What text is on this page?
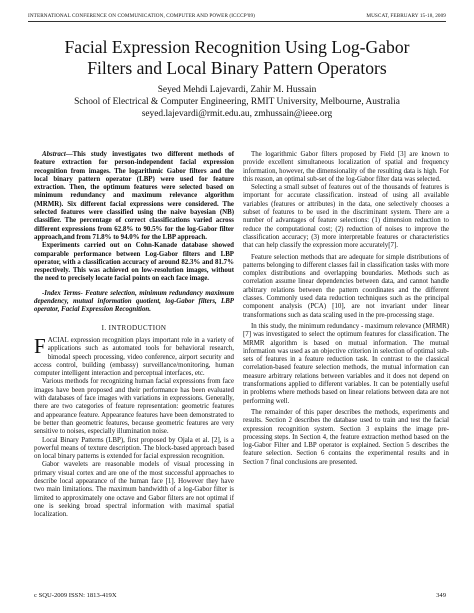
INTERNATIONAL CONFERENCE ON COMMUNICATION, COMPUTER AND POWER (ICCCP'09)	MUSCAT, FEBRUARY 15-18, 2009
Facial Expression Recognition Using Log-Gabor
Filters and Local Binary Pattern Operators
Seyed Mehdi Lajevardi, Zahir M. Hussain
School of Electrical & Computer Engineering, RMIT University, Melbourne, Australia
seyed.lajevardi@rmit.edu.au, zmhussain@ieee.org

Abstract—This study investigates two different methods of feature extraction for person-independent facial expression recognition from images. The logarithmic Gabor filters and the local binary pattern operator (LBP) were used for feature extraction. Then, the optimum features were selected based on minimum redundancy and maximum relevance algorithm (MRMR). Six different facial expressions were considered. The selected features were classified using the naive bayesian (NB) classifier. The percentage of correct classifications varied across different expressions from 62.8% to 90.5% for the log-Gabor filter approach,and from 71.8% to 94.0% for the LBP approach.

Experiments carried out on Cohn-Kanade database showed comparable performance between Log-Gabor filters and LBP operator, with a classification accuracy of around 82.3% and 81.7% respectively. This was achieved on low-resolution images, without the need to precisely locate facial points on each face image.

-Index Terms- Feature selection, minimum redundancy maximum dependency, mutual information quotient, log-Gabor filters, LBP operator, Facial Expression Recognition.

I. INTRODUCTION

FACIAL expression recognition plays important role in a variety of applications such as automated tools for behavioral research, bimodal speech processing, video conference, airport security and access control, building (embassy) surveillance/monitoring, human computer intelligent interaction and perceptual interfaces, etc.

Various methods for recognizing human facial expressions from face images have been proposed and their performance has been evaluated with databases of face images with variations in expressions. Generally, there are two categories of feature representation: geometric features and appearance feature. Appearance features have been demonstrated to be better than geometric features, because geometric features are very sensitive to noises, especially illumination noise.

Local Binary Patterns (LBP), first proposed by Ojala et al. [2], is a powerful means of texture description. The block-based approach based on local binary patterns is extended for facial expression recognition.

Gabor wavelets are reasonable models of visual processing in primary visual cortex and are one of the most successful approaches to describe local appearance of the human face [1]. However they have two main limitations. The maximum bandwidth of a log-Gabor filter is limited to approximately one octave and Gabor filters are not optimal if one is seeking broad spectral information with maximal spatial localization.

The logarithmic Gabor filters proposed by Field [3] are known to provide excellent simultaneous localization of spatial and frequency information, however, the dimensionality of the resulting data is high. For this reason, an optimal sub-set of the log-Gabor filter data was selected.

Selecting a small subset of features out of the thousands of features is important for accurate classification. instead of using all available variables (features or attributes) in the data, one selectively chooses a subset of features to be used in the discriminant system. There are a number of advantages of feature selections: (1) dimension reduction to reduce the computational cost; (2) reduction of noises to improve the classification accuracy; (3) more interpretable features or characteristics that can help classify the expression more accurately[7].

Feature selection methods that are adequate for simple distributions of patterns belonging to different classes fail in classification tasks with more complex distributions and overlapping boundaries. Methods such as correlation assume linear dependencies between data, and cannot handle arbitrary relations between the pattern coordinates and the different classes. Commonly used data reduction techniques such as the principal component analysis (PCA) [10], are not invariant under linear transformations such as data scaling used in the pre-processing stage.

In this study, the minimum redundancy - maximum relevance (MRMR)[7] was investigated to select the optimum features for classification. The MRMR algorithm is based on mutual information. The mutual information was used as an objective criterion in selection of optimal sub-sets of features in a feature reduction task. In contrast to the classical correlation-based feature selection methods, the mutual information can measure arbitrary relations between variables and it does not depend on transformations applied to different variables. It can be potentially useful in problems where methods based on linear relations between data are not performing well.

The remainder of this paper describes the methods, experiments and results. Section 2 describes the database used to train and test the facial expression recognition system. Section 3 explains the image pre-processing steps. In Section 4, the feature extraction method based on the log-Gabor Filter and LBP operator is explained. Section 5 describes the feature selection. Section 6 contains the experimental results and in Section 7 final conclusions are presented.

c SQU-2009 ISSN: 1813-419X	349
